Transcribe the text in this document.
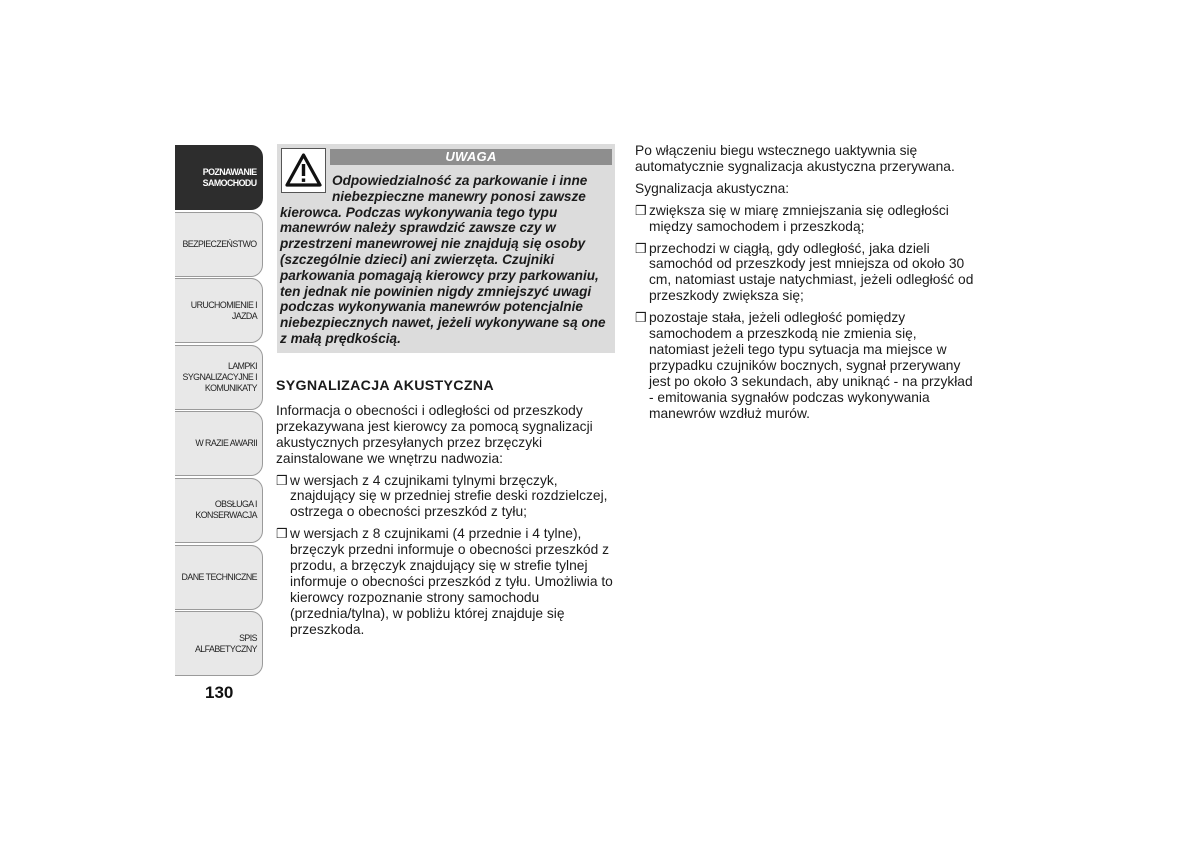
POZNAWANIE
SAMOCHODU
BEZPIECZEŃSTWO
URUCHOMIENIE I
JAZDA
LAMPKI
SYGNALIZACYJNE I
KOMUNIKATY
W RAZIE AWARII
OBSŁUGA I
KONSERWACJA
DANE TECHNICZNE
SPIS ALFABETYCZNY
130
UWAGA

Odpowiedzialność za parkowanie i inne niebezpieczne manewry ponosi zawsze kierowca. Podczas wykonywania tego typu manewrów należy sprawdzić zawsze czy w przestrzeni manewrowej nie znajdują się osoby (szczególnie dzieci) ani zwierzęta. Czujniki parkowania pomagają kierowcy przy parkowaniu, ten jednak nie powinien nigdy zmniejszyć uwagi podczas wykonywania manewrów potencjalnie niebezpiecznych nawet, jeżeli wykonywane są one z małą prędkością.

SYGNALIZACJA AKUSTYCZNA

Informacja o obecności i odległości od przeszkody przekazywana jest kierowcy za pomocą sygnalizacji akustycznych przesyłanych przez brzęczyki zainstalowane we wnętrzu nadwozia:

❒ w wersjach z 4 czujnikami tylnymi brzęczyk, znajdujący się w przedniej strefie deski rozdzielczej, ostrzega o obecności przeszkód z tyłu;
❒ w wersjach z 8 czujnikami (4 przednie i 4 tylne), brzęczyk przedni informuje o obecności przeszkód z przodu, a brzęczyk znajdujący się w strefie tylnej informuje o obecności przeszkód z tyłu. Umożliwia to kierowcy rozpoznanie strony samochodu (przednia/tylna), w pobliżu której znajduje się przeszkoda.

Po włączeniu biegu wstecznego uaktywnia się automatycznie sygnalizacja akustyczna przerywana.

Sygnalizacja akustyczna:

❒ zwiększa się w miarę zmniejszania się odległości między samochodem i przeszkodą;
❒ przechodzi w ciągłą, gdy odległość, jaka dzieli samochód od przeszkody jest mniejsza od około 30 cm, natomiast ustaje natychmiast, jeżeli odległość od przeszkody zwiększa się;
❒ pozostaje stała, jeżeli odległość pomiędzy samochodem a przeszkodą nie zmienia się, natomiast jeżeli tego typu sytuacja ma miejsce w przypadku czujników bocznych, sygnał przerywany jest po około 3 sekundach, aby uniknąć - na przykład - emitowania sygnałów podczas wykonywania manewrów wzdłuż murów.
